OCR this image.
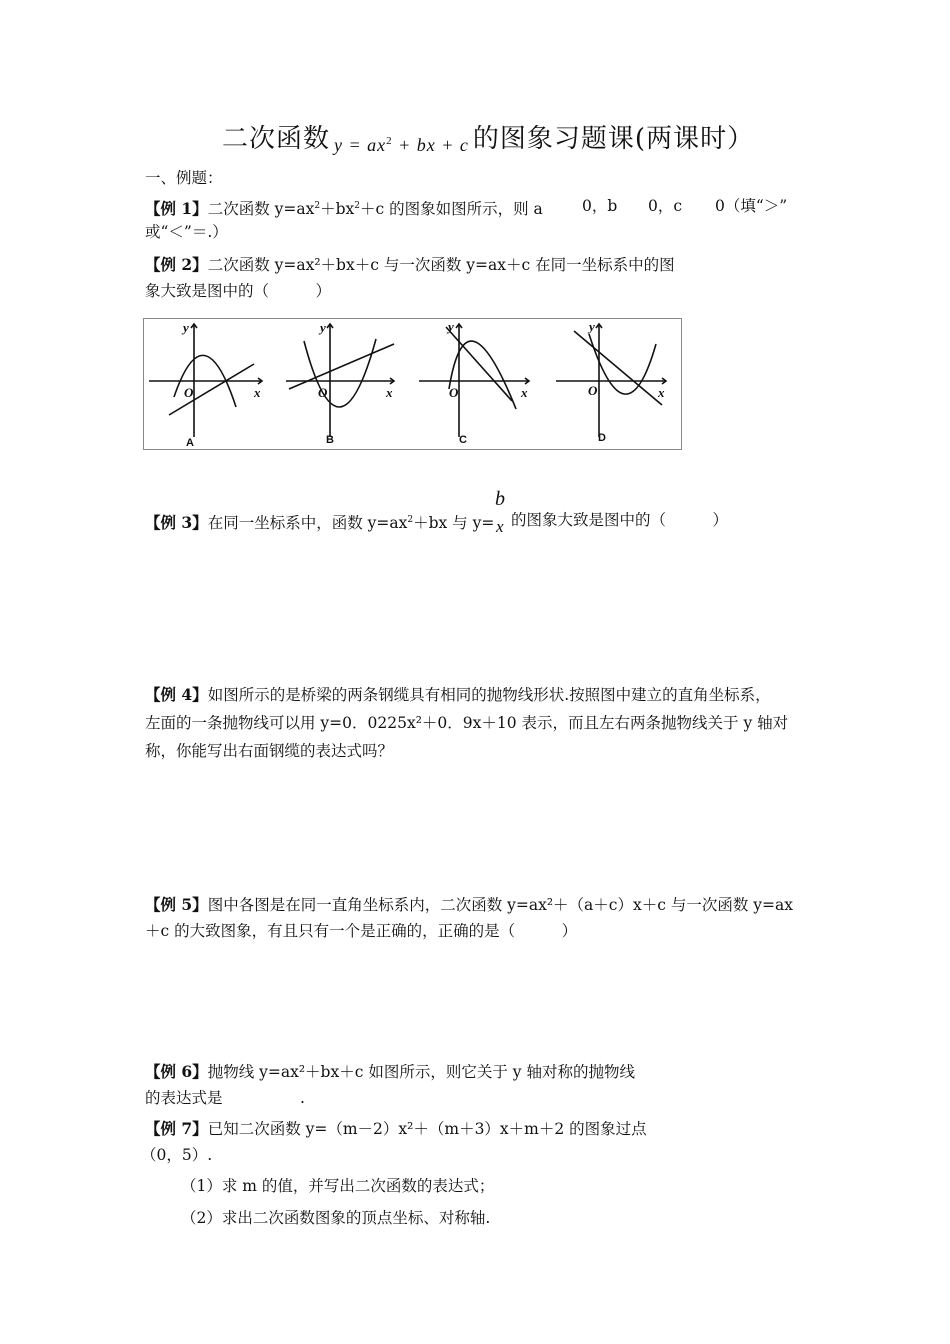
二次函数 $y = ax^2$ + bx + c 的图象习题课(两课时）
一、例题：
【例 1】二次函数 $y=ax^2+bx^2+c$ 的图象如图所示，则 a	0，b 0，c 0（填“＞”
或“＜”＝.）
【例 2】二次函数 y=ax²＋bx＋c 与一次函数 y=ax＋c 在同一坐标系中的图
象大致是图中的（　　　）
y
x
O
y
x
O
y
x
O
y
x
O
A	B	C	D
b
x
【例 3】在同一坐标系中，函数 $y=ax^2+bx$ 与 y= 的图象大致是图中的（　　　）
【例 4】如图所示的是桥梁的两条钢缆具有相同的抛物线形状.按照图中建立的直角坐标系，
左面的一条抛物线可以用 y=0．0225x²＋0．9x＋10 表示，而且左右两条抛物线关于 y 轴对
称，你能写出右面钢缆的表达式吗？
【例 5】图中各图是在同一直角坐标系内，二次函数 y=ax²＋（a＋c）x＋c 与一次函数 y=ax
＋c 的大致图象，有且只有一个是正确的，正确的是（　　　）
【例 6】抛物线 y=ax²＋bx＋c 如图所示，则它关于 y 轴对称的抛物线
的表达式是　　　　　.
【例 7】已知二次函数 y=（m－2）x²＋（m＋3）x＋m＋2 的图象过点
（0，5）.
（1）求 m 的值，并写出二次函数的表达式；
（2）求出二次函数图象的顶点坐标、对称轴.
